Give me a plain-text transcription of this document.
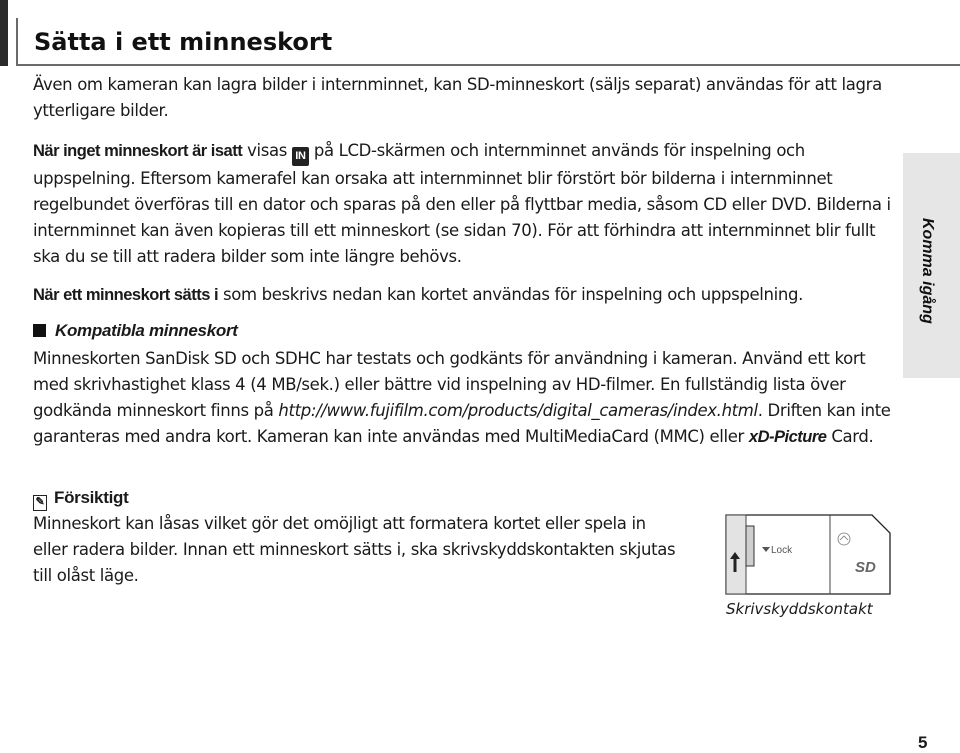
Sätta i ett minneskort

Även om kameran kan lagra bilder i internminnet, kan SD-minneskort (säljs separat) användas för att lagra ytterligare bilder.

När inget minneskort är isatt visas IN på LCD-skärmen och internminnet används för inspelning och uppspelning. Eftersom kamerafel kan orsaka att internminnet blir förstört bör bilderna i internminnet regelbundet överföras till en dator och sparas på den eller på flyttbar media, såsom CD eller DVD. Bilderna i internminnet kan även kopieras till ett minneskort (se sidan 70). För att förhindra att internminnet blir fullt ska du se till att radera bilder som inte längre behövs.

När ett minneskort sätts i som beskrivs nedan kan kortet användas för inspelning och uppspelning.

Kompatibla minneskort

Minneskorten SanDisk SD och SDHC har testats och godkänts för användning i kameran. Använd ett kort med skrivhastighet klass 4 (4 MB/sek.) eller bättre vid inspelning av HD-filmer. En fullständig lista över godkända minneskort finns på http://www.fujifilm.com/products/digital_cameras/index.html. Driften kan inte garanteras med andra kort. Kameran kan inte användas med MultiMediaCard (MMC) eller xD-Picture Card.

✎ Försiktigt

Minneskort kan låsas vilket gör det omöjligt att formatera kortet eller spela in eller radera bilder. Innan ett minneskort sätts i, ska skrivskyddskontakten skjutas till olåst läge.

Lock
SD
Skrivskyddskontakt
Komma igång
5
